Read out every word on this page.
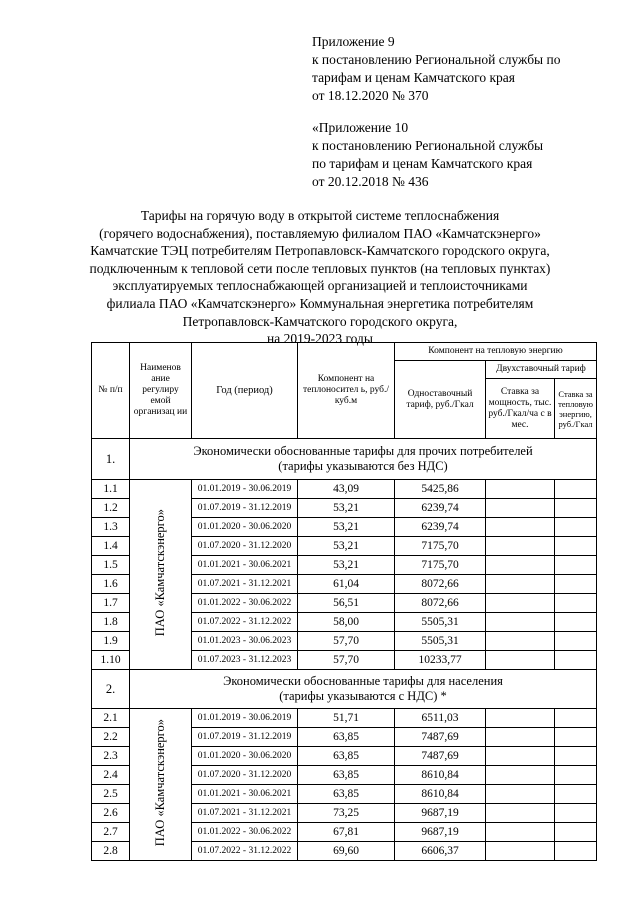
Приложение 9
к постановлению Региональной службы по
тарифам и ценам Камчатского края
от 18.12.2020 № 370
«Приложение 10
к постановлению Региональной службы
по тарифам и ценам Камчатского края
от 20.12.2018 № 436
Тарифы на горячую воду в открытой системе теплоснабжения
(горячего водоснабжения), поставляемую филиалом ПАО «Камчатскэнерго»
Камчатские ТЭЦ потребителям Петропавловск-Камчатского городского округа,
подключенным к тепловой сети после тепловых пунктов (на тепловых пунктах)
эксплуатируемых теплоснабжающей организацией и теплоисточниками
филиала ПАО «Камчатскэнерго» Коммунальная энергетика потребителям
Петропавловск-Камчатского городского округа,
на 2019-2023 годы
№ п/п	Наименов ание регулиру емой организац ии	Год (период)	Компонент на теплоносител ь, руб./куб.м	Компонент на тепловую энергию		
				Одноставочный тариф, руб./Гкал	Двухставочный тариф	
					Ставка за мощность, тыс. руб./Гкал/ча с в мес.	Ставка за тепловую энергию, руб./Гкал
1.	Экономически обоснованные тарифы для прочих потребителей
(тарифы указываются без НДС)					

1.1	ПАО «Камчатскэнерго»	01.01.2019 - 30.06.2019	43,09	5425,86		
1.2		01.07.2019 - 31.12.2019	53,21	6239,74		
1.3		01.01.2020 - 30.06.2020	53,21	6239,74		
1.4		01.07.2020 - 31.12.2020	53,21	7175,70		
1.5		01.01.2021 - 30.06.2021	53,21	7175,70		
1.6		01.07.2021 - 31.12.2021	61,04	8072,66		
1.7		01.01.2022 - 30.06.2022	56,51	8072,66		
1.8		01.07.2022 - 31.12.2022	58,00	5505,31		
1.9		01.01.2023 - 30.06.2023	57,70	5505,31		
1.10		01.07.2023 - 31.12.2023	57,70	10233,77		
2.	Экономически обоснованные тарифы для населения
(тарифы указываются с НДС) *					

2.1	ПАО «Камчатскэнерго»	01.01.2019 - 30.06.2019	51,71	6511,03		
2.2		01.07.2019 - 31.12.2019	63,85	7487,69		
2.3		01.01.2020 - 30.06.2020	63,85	7487,69		
2.4		01.07.2020 - 31.12.2020	63,85	8610,84		
2.5		01.01.2021 - 30.06.2021	63,85	8610,84		
2.6		01.07.2021 - 31.12.2021	73,25	9687,19		
2.7		01.01.2022 - 30.06.2022	67,81	9687,19		
2.8		01.07.2022 - 31.12.2022	69,60	6606,37		
